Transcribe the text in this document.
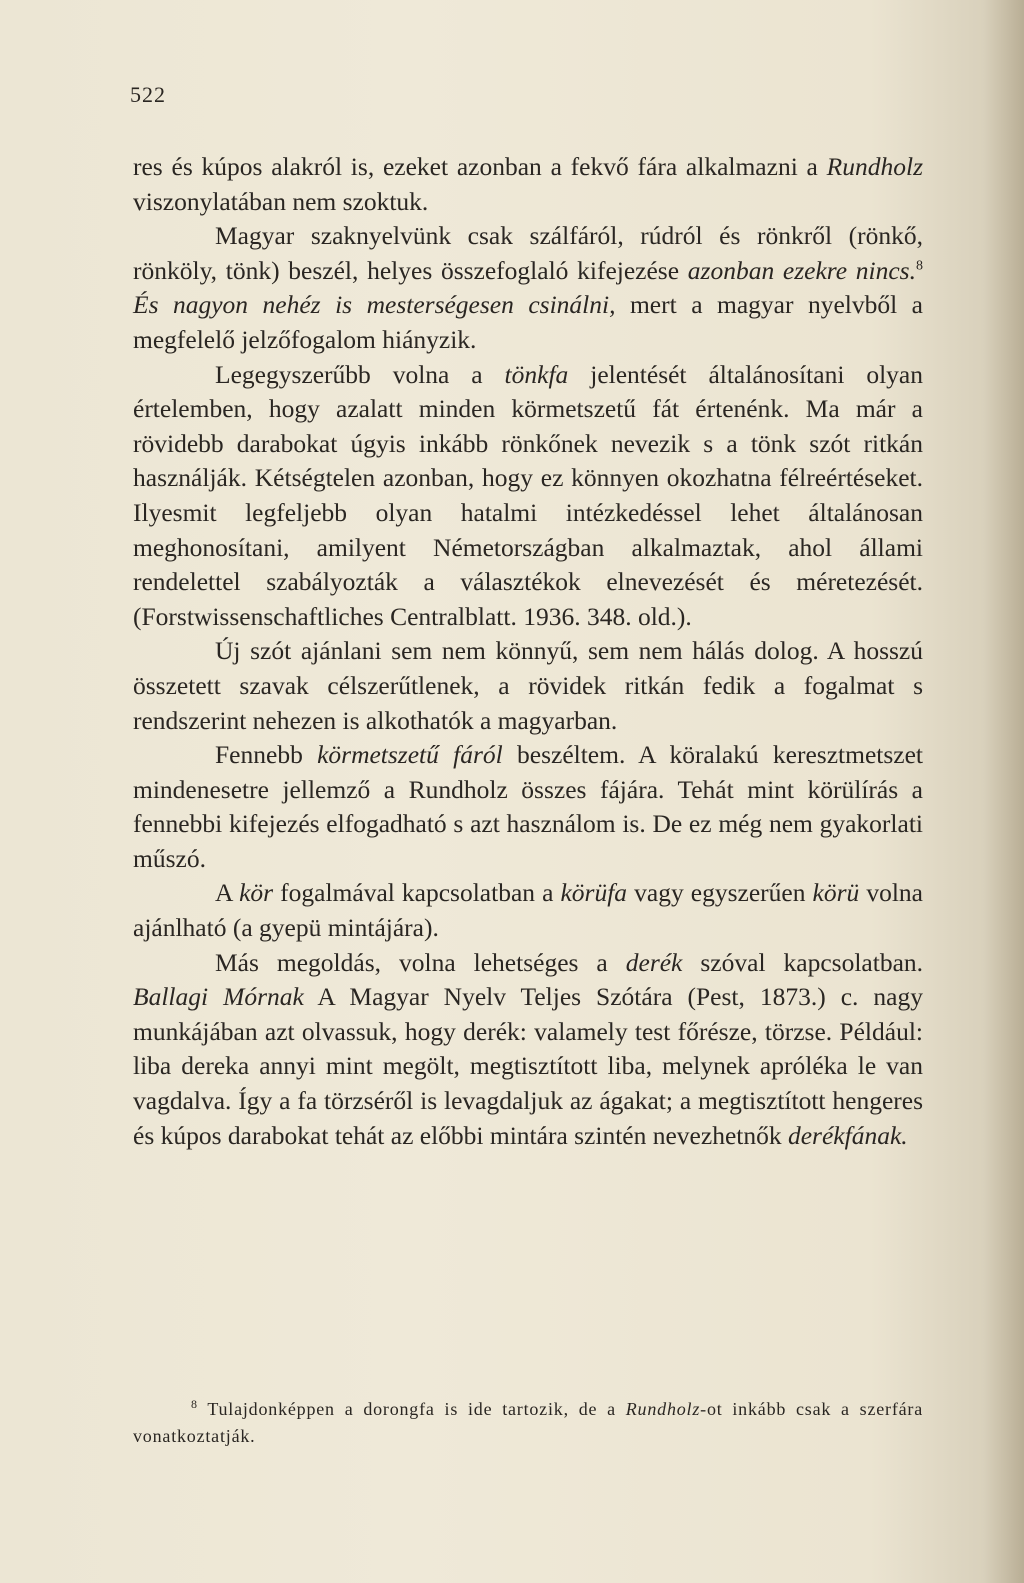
522

res és kúpos alakról is, ezeket azonban a fekvő fára alkalmazni a Rundholz viszonylatában nem szoktuk.

Magyar szaknyelvünk csak szálfáról, rúdról és rönkről (rönkő, rönköly, tönk) beszél, helyes összefoglaló kifejezése azonban ezekre nincs.$^8$ És nagyon nehéz is mesterségesen csinálni, mert a magyar nyelvből a megfelelő jelzőfogalom hiányzik.

Legegyszerűbb volna a tönkfa jelentését általánosítani olyan értelemben, hogy azalatt minden körmetszetű fát értenénk. Ma már a rövidebb darabokat úgyis inkább rönkőnek nevezik s a tönk szót ritkán használják. Kétségtelen azonban, hogy ez könnyen okozhatna félreértéseket. Ilyesmit legfeljebb olyan hatalmi intézkedéssel lehet általánosan meghonosítani, amilyent Németországban alkalmaztak, ahol állami rendelettel szabályozták a választékok elnevezését és méretezését. (Forstwissenschaftliches Centralblatt. 1936. 348. old.).

Új szót ajánlani sem nem könnyű, sem nem hálás dolog. A hosszú összetett szavak célszerűtlenek, a rövidek ritkán fedik a fogalmat s rendszerint nehezen is alkothatók a magyarban.

Fennebb körmetszetű fáról beszéltem. A köralakú keresztmetszet mindenesetre jellemző a Rundholz összes fájára. Tehát mint körülírás a fennebbi kifejezés elfogadható s azt használom is. De ez még nem gyakorlati műszó.

A kör fogalmával kapcsolatban a körüfa vagy egyszerűen körü volna ajánlható (a gyepü mintájára).

Más megoldás, volna lehetséges a derék szóval kapcsolatban. Ballagi Mórnak A Magyar Nyelv Teljes Szótára (Pest, 1873.) c. nagy munkájában azt olvassuk, hogy derék: valamely test főrésze, törzse. Például: liba dereka annyi mint megölt, megtisztított liba, melynek aprólékа le van vagdalva. Így a fa törzséről is levagdaljuk az ágakat; a megtisztított hengeres és kúpos darabokat tehát az előbbi mintára szintén nevezhetnők derékfának.

$^8$ Tulajdonképpen a dorongfa is ide tartozik, de a Rundholz-ot inkább csak a szerfára vonatkoztatják.
